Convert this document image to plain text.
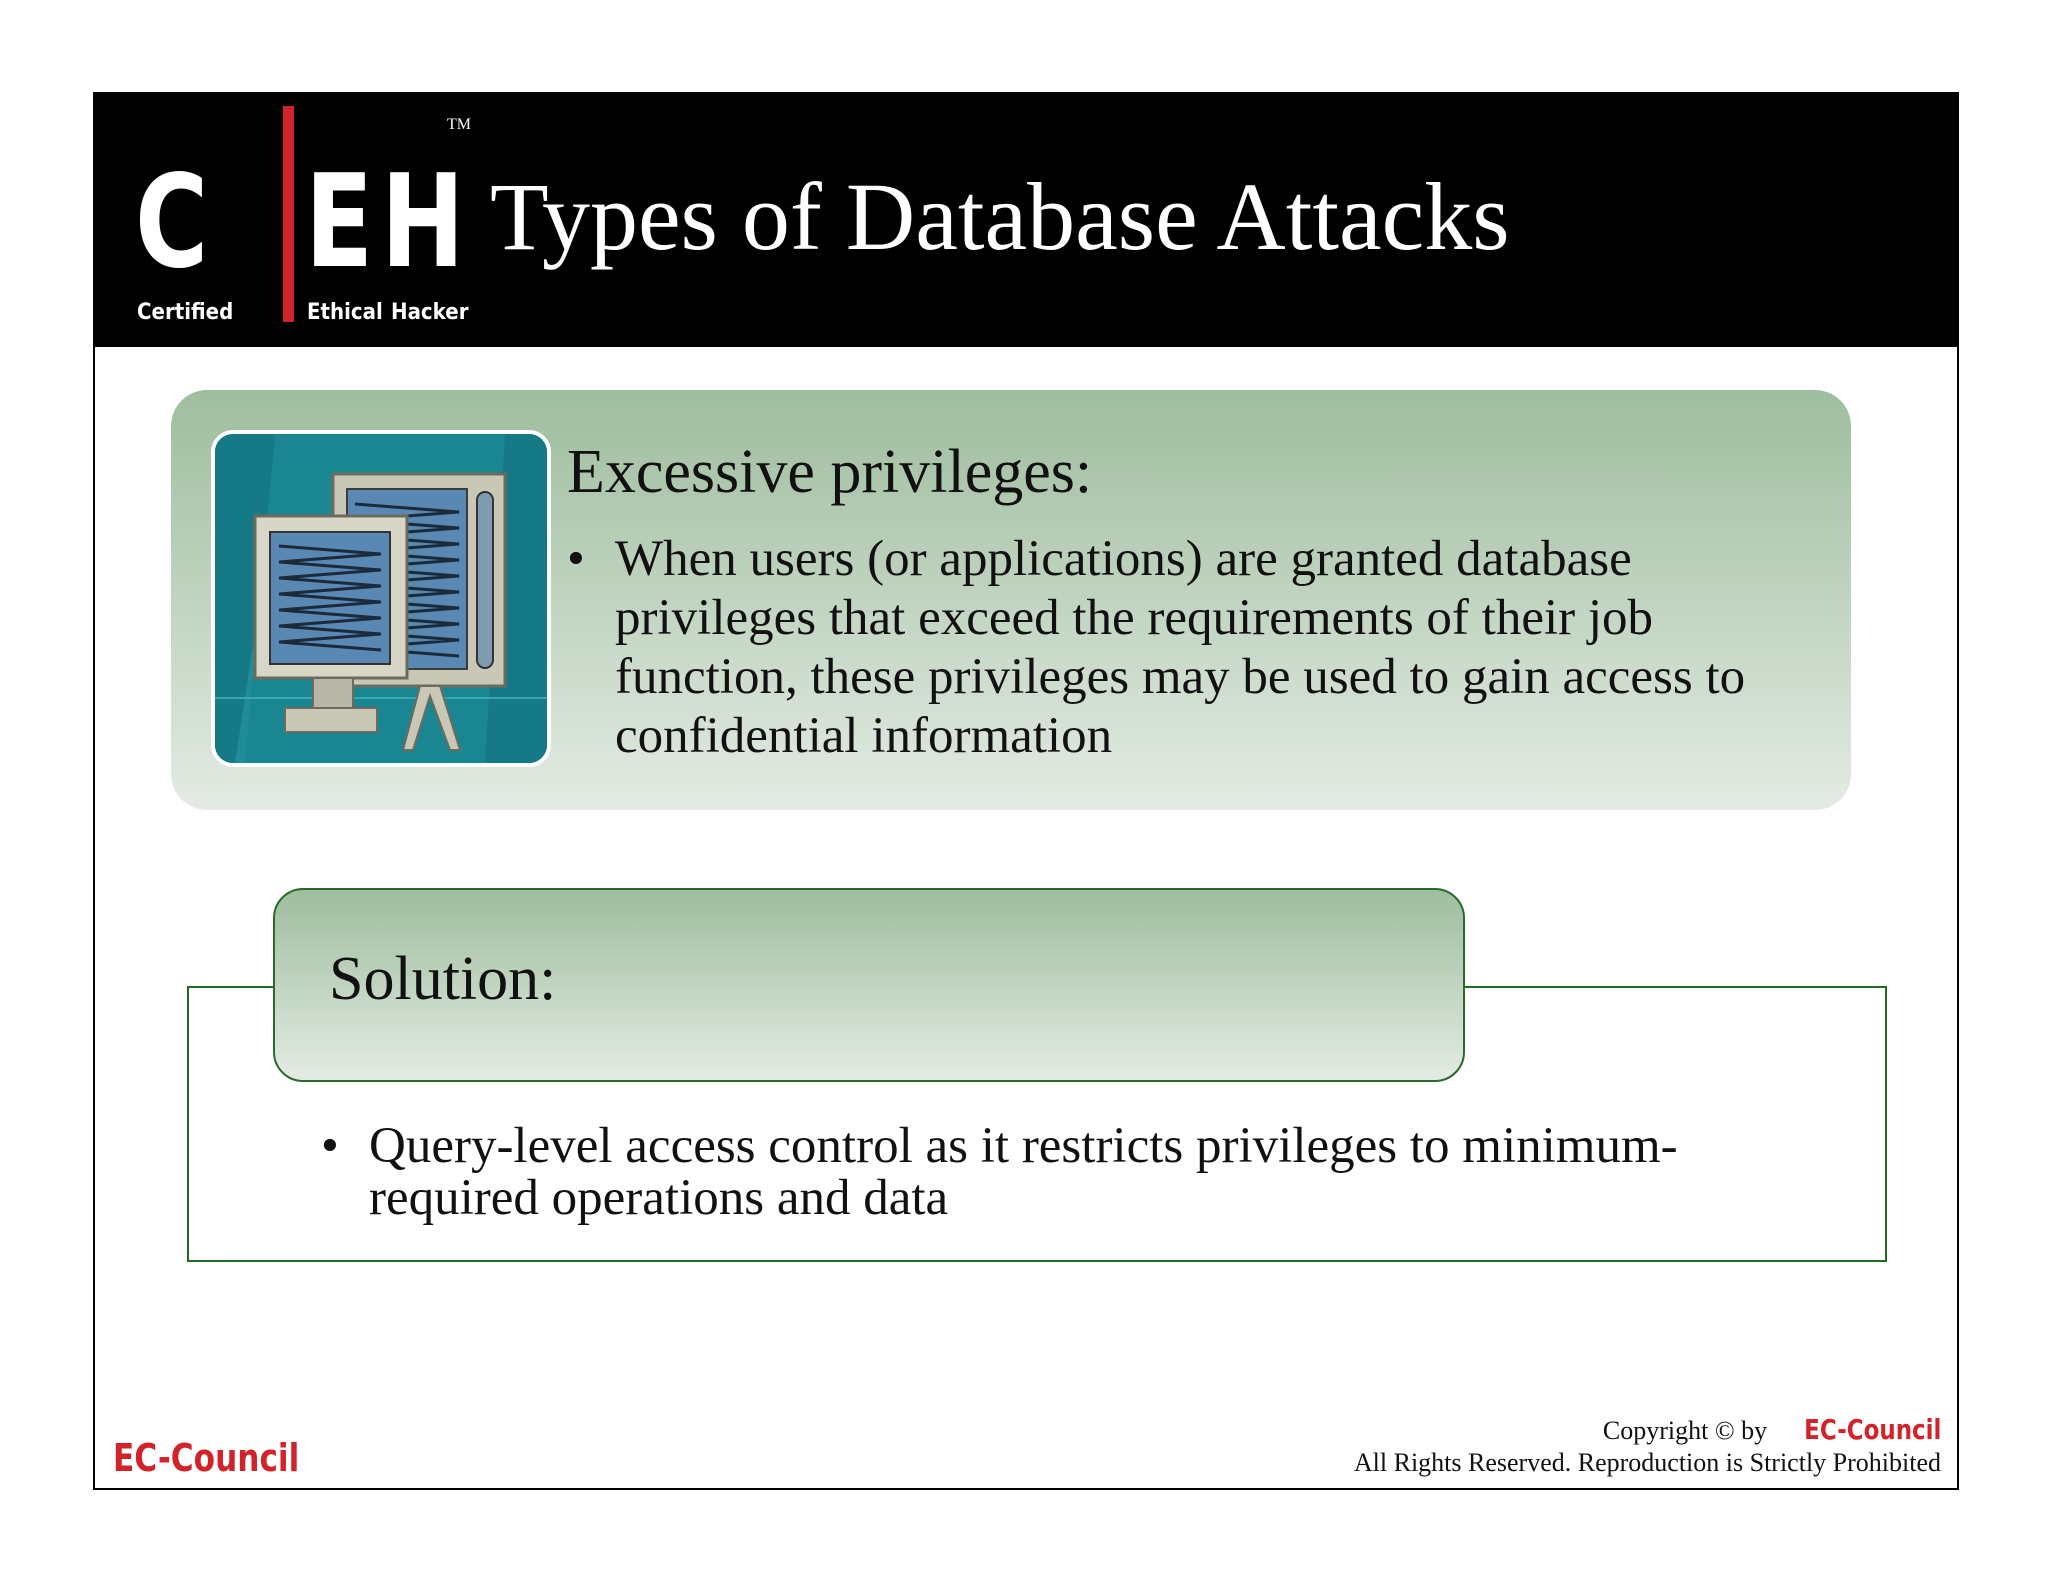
C E H
Certified	Ethical Hacker
TM
Types of Database Attacks
Excessive privileges:
• When users (or applications) are granted database privileges that exceed the requirements of their job function, these privileges may be used to gain access to confidential information
Solution:
• Query-level access control as it restricts privileges to minimum-required operations and data
EC-Council
Copyright © by EC-Council
All Rights Reserved. Reproduction is Strictly Prohibited
